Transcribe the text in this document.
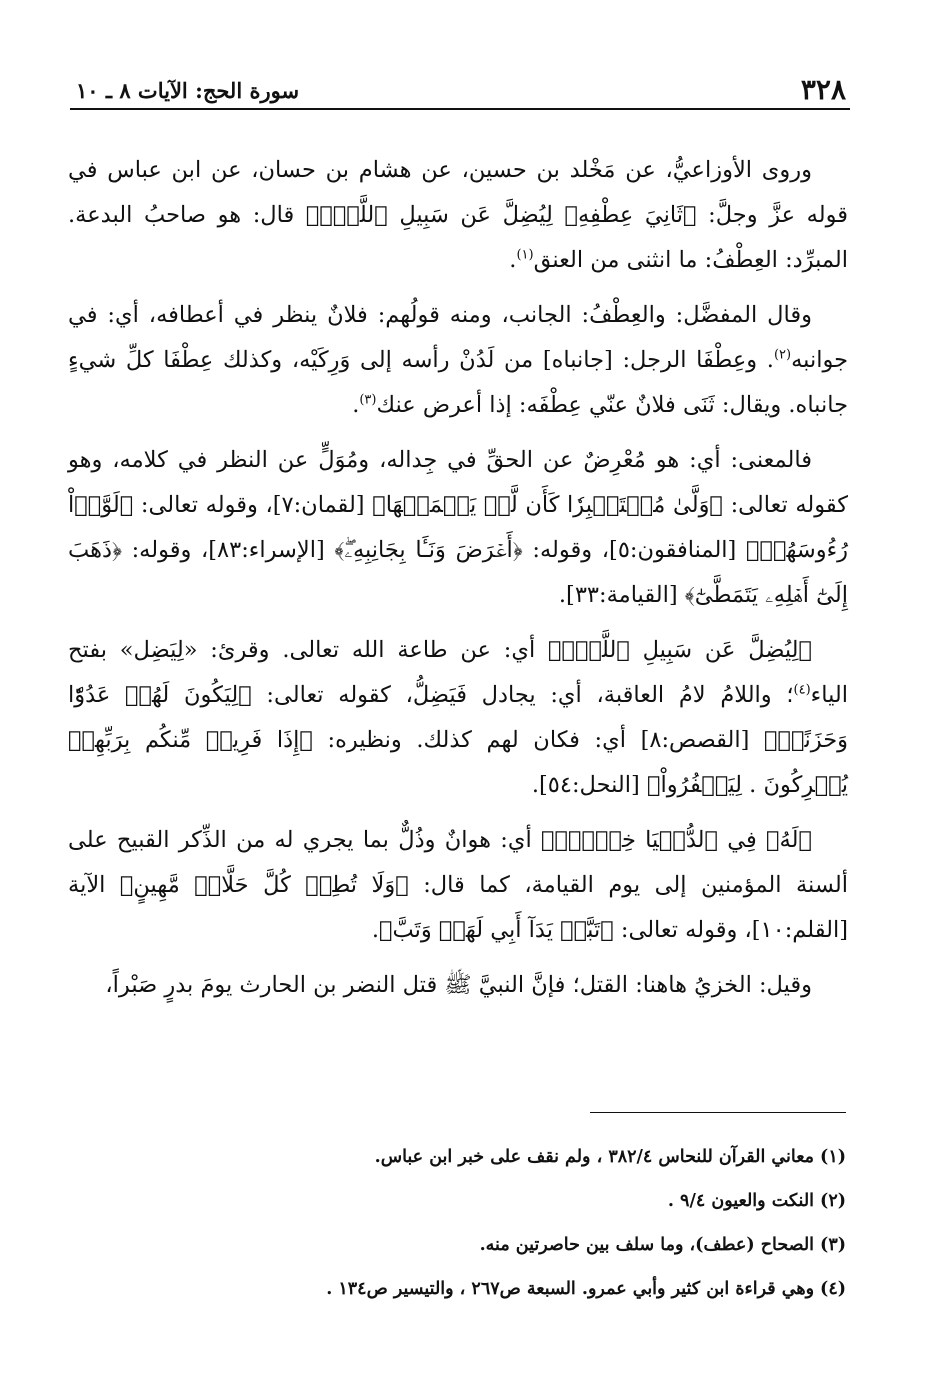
٣٢٨
سورة الحج: الآيات ٨ ـ ١٠

وروى الأوزاعيُّ، عن مَخْلد بن حسين، عن هشام بن حسان، عن ابن عباس في قوله عزَّ وجلَّ: ﴿ثَانِيَ عِطْفِهِۦ لِيُضِلَّ عَن سَبِيلِ ٱللَّهِۖ﴾ قال: هو صاحبُ البدعة. المبرِّد: العِطْفُ: ما انثنى من العنق$^{(١)}$.

وقال المفضَّل: والعِطْفُ: الجانب، ومنه قولُهم: فلانٌ ينظر في أعطافه، أي: في جوانبه$^{(٢)}$. وعِطْفَا الرجل: [جانباه] من لَدُنْ رأسه إلى وَرِكَيْه، وكذلك عِطْفَا كلِّ شيءٍ جانباه. ويقال: ثَنَى فلانٌ عنّي عِطْفَه: إذا أعرض عنك$^{(٣)}$.

فالمعنى: أي: هو مُعْرِضٌ عن الحقِّ في جِداله، ومُوَلٍّ عن النظر في كلامه، وهو كقوله تعالى: ﴿وَلَّىٰ مُسۡتَكۡبِرٗا كَأَن لَّمۡ يَسۡمَعۡهَا﴾ [لقمان:٧]، وقوله تعالى: ﴿لَوَّوۡاْ رُءُوسَهُمۡ﴾ [المنافقون:٥]، وقوله: ﴿أَعۡرَضَ وَنَـَٔا بِجَانِبِهِۦۖ﴾ [الإسراء:٨٣]، وقوله: ﴿ذَهَبَ إِلَىٰٓ أَهۡلِهِۦ يَتَمَطَّىٰٓ﴾ [القيامة:٣٣].

﴿لِيُضِلَّ عَن سَبِيلِ ٱللَّهِۖ﴾ أي: عن طاعة الله تعالى. وقرئ: «لِيَضِل» بفتح الياء$^{(٤)}$؛ واللامُ لامُ العاقبة، أي: يجادل فَيَضِلُّ، كقوله تعالى: ﴿لِيَكُونَ لَهُمۡ عَدُوّٗا وَحَزَنًاۗ﴾ [القصص:٨] أي: فكان لهم كذلك. ونظيره: ﴿إِذَا فَرِيقٞ مِّنكُم بِرَبِّهِمۡ يُشۡرِكُونَ . لِيَكۡفُرُواْ﴾ [النحل:٥٤].

﴿لَهُۥ فِي ٱلدُّنۡيَا خِزۡيٞۖ﴾ أي: هوانٌ وذُلٌّ بما يجري له من الذِّكر القبيح على ألسنة المؤمنين إلى يوم القيامة، كما قال: ﴿وَلَا تُطِعۡ كُلَّ حَلَّافٖ مَّهِينٍ﴾ الآية [القلم:١٠]، وقوله تعالى: ﴿تَبَّتۡ يَدَآ أَبِي لَهَبٖ وَتَبَّ﴾.

وقيل: الخزيُ هاهنا: القتل؛ فإنَّ النبيَّ ﷺ قتل النضر بن الحارث يومَ بدرٍ صَبْراً،

(١)معاني القرآن للنحاس ٣٨٢/٤ ، ولم نقف على خبر ابن عباس.
(٢)النكت والعيون ٩/٤ .
(٣)الصحاح (عطف)، وما سلف بين حاصرتين منه.
(٤)وهي قراءة ابن كثير وأبي عمرو. السبعة ص٢٦٧ ، والتيسير ص١٣٤ .
